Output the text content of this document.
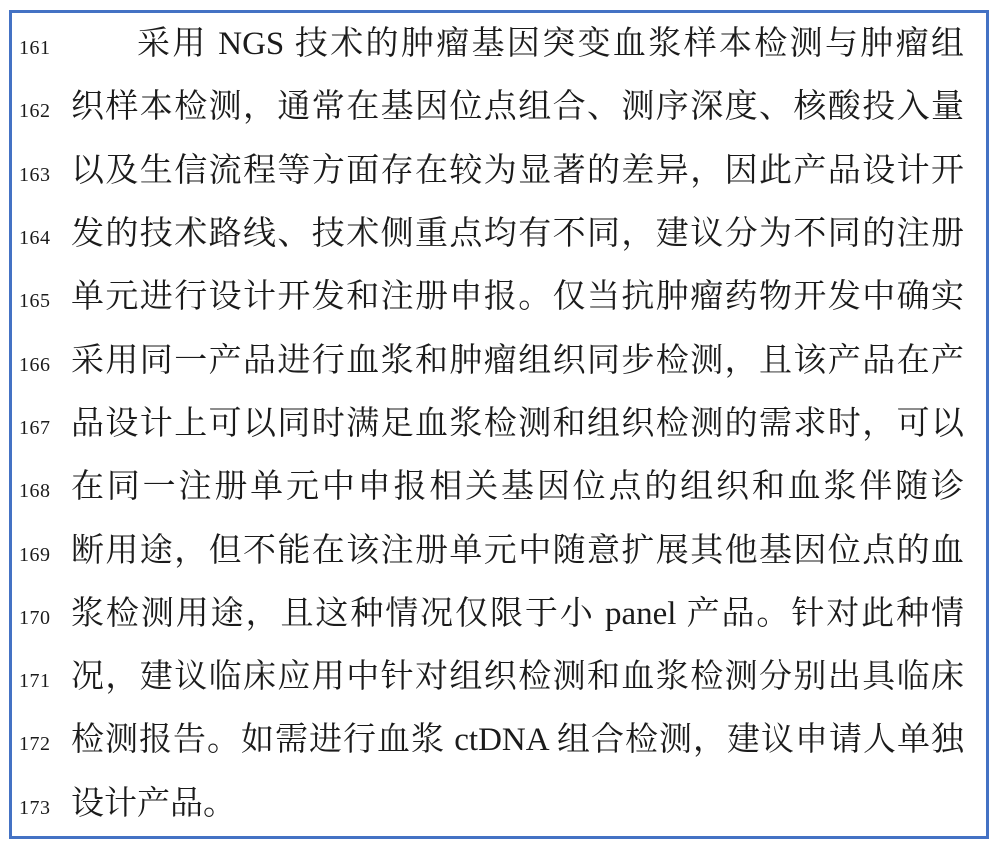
161	采用 NGS 技术的肿瘤基因突变血浆样本检测与肿瘤组
162 织样本检测，通常在基因位点组合、测序深度、核酸投入量
163 以及生信流程等方面存在较为显著的差异，因此产品设计开
164 发的技术路线、技术侧重点均有不同，建议分为不同的注册
165 单元进行设计开发和注册申报。仅当抗肿瘤药物开发中确实
166 采用同一产品进行血浆和肿瘤组织同步检测，且该产品在产
167 品设计上可以同时满足血浆检测和组织检测的需求时，可以
168 在同一注册单元中申报相关基因位点的组织和血浆伴随诊
169 断用途，但不能在该注册单元中随意扩展其他基因位点的血
170 浆检测用途，且这种情况仅限于小 panel 产品。针对此种情
171 况，建议临床应用中针对组织检测和血浆检测分别出具临床
172 检测报告。如需进行血浆 ctDNA 组合检测，建议申请人单独
173 设计产品。
